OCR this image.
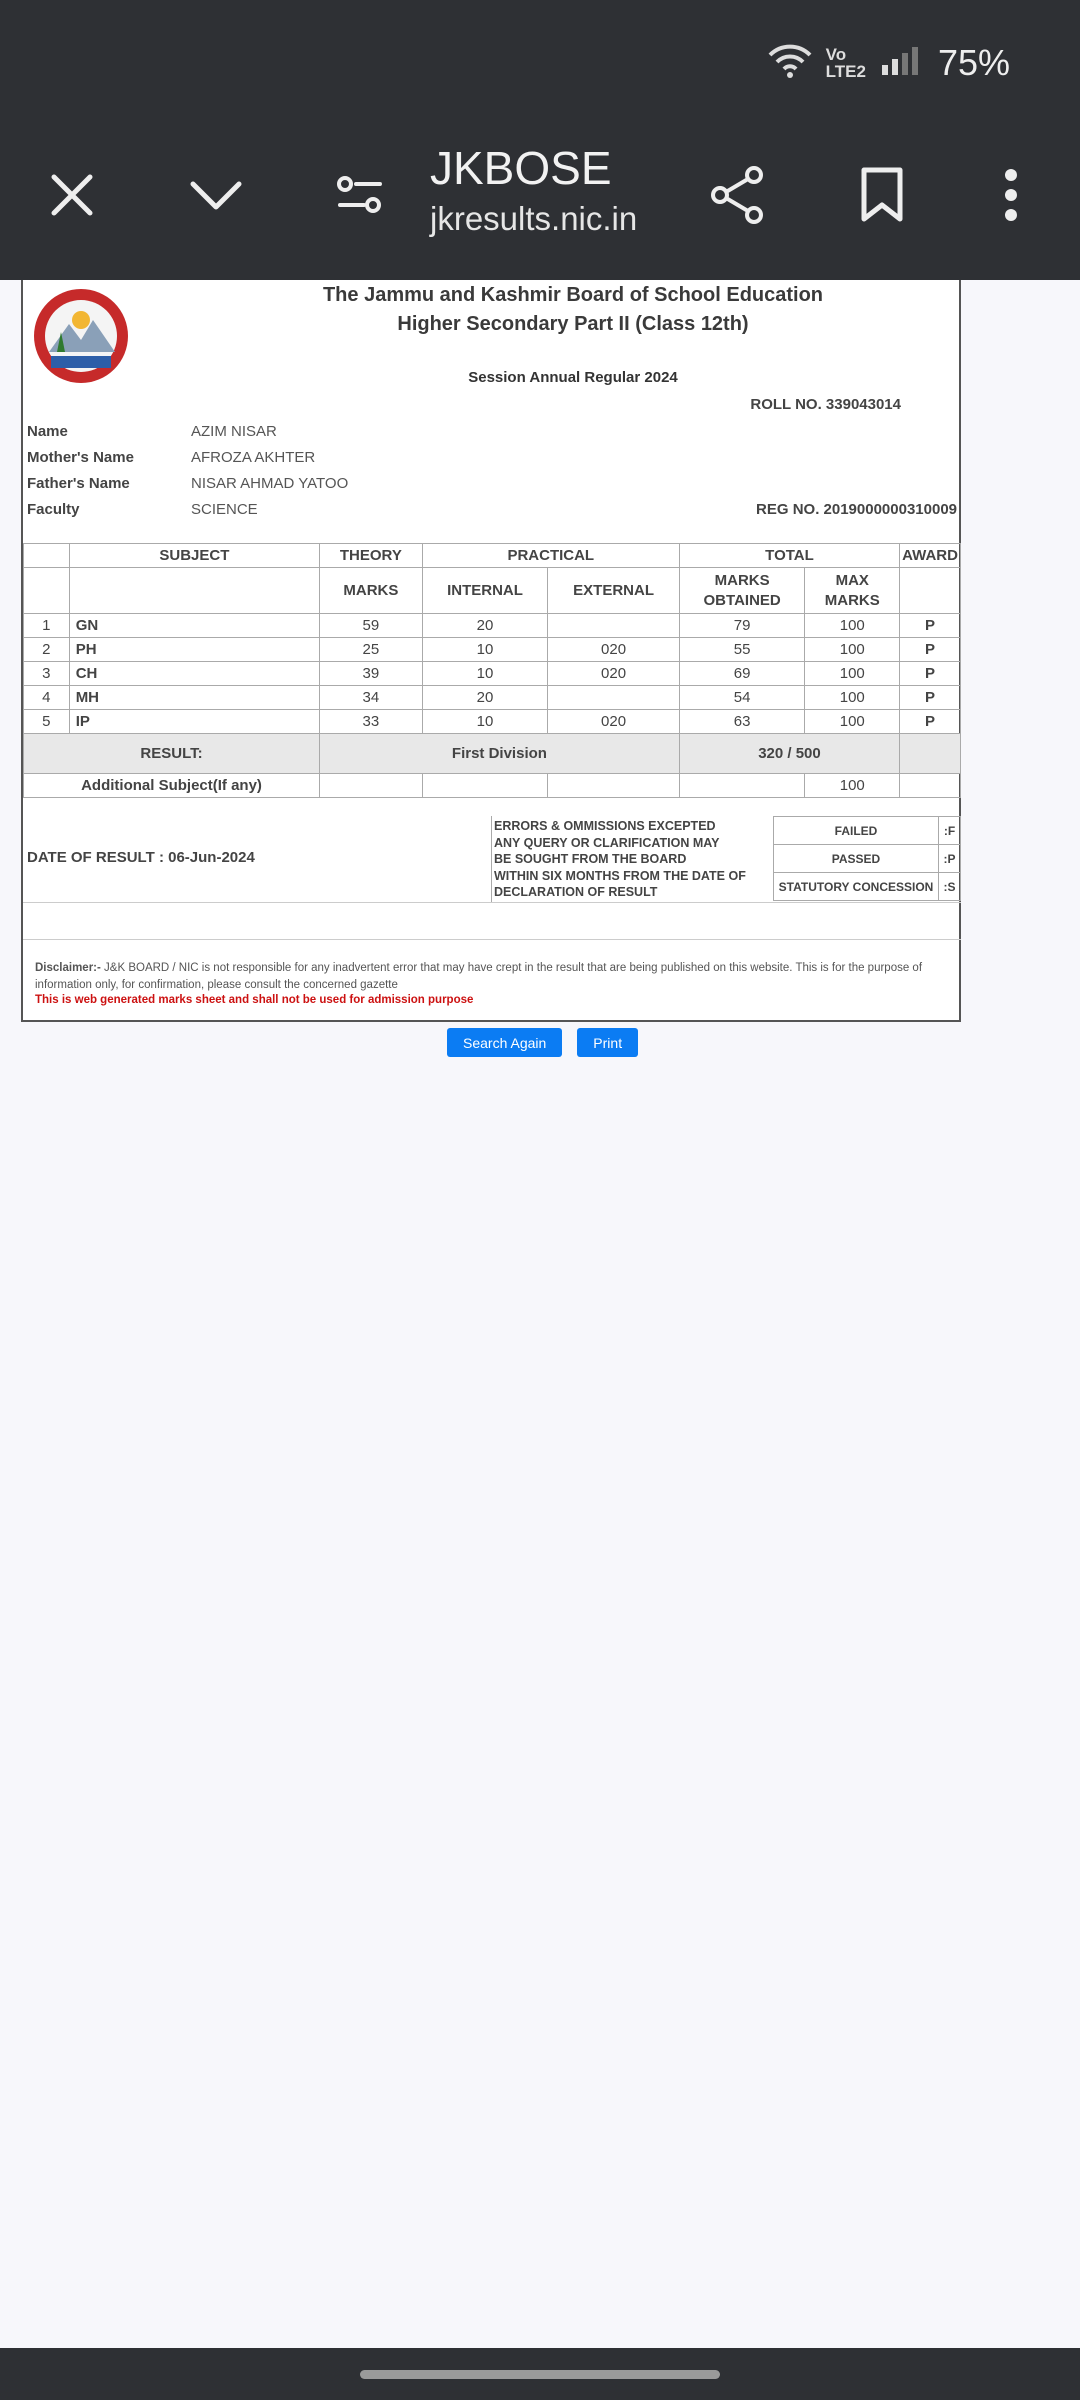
Vo
LTE2 75%
JKBOSE
jkresults.nic.in
The Jammu and Kashmir Board of School Education
Higher Secondary Part II (Class 12th)
Session Annual Regular 2024
ROLL NO. 339043014
Name	AZIM NISAR
Mother's Name	AFROZA AKHTER
Father's Name	NISAR AHMAD YATOO
Faculty	SCIENCE	REG NO. 2019000000310009
	SUBJECT	THEORY	PRACTICAL		TOTAL		AWARD
		MARKS	INTERNAL	EXTERNAL	MARKS OBTAINED	MAX MARKS	
1	GN	59	20		79	100	P
2	PH	25	10	020	55	100	P
3	CH	39	10	020	69	100	P
4	MH	34	20		54	100	P
5	IP	33	10	020	63	100	P
RESULT:		First Division			320 / 500		
Additional Subject(If any)						100	
DATE OF RESULT : 06-Jun-2024
ERRORS & OMMISSIONS EXCEPTED
ANY QUERY OR CLARIFICATION MAY
BE SOUGHT FROM THE BOARD
WITHIN SIX MONTHS FROM THE DATE OF
DECLARATION OF RESULT
FAILED	:F
PASSED	:P
STATUTORY CONCESSION	:S
Disclaimer:- J&K BOARD / NIC is not responsible for any inadvertent error that may have crept in the result that are being published on this website. This is for the purpose of information only, for confirmation, please consult the concerned gazette
This is web generated marks sheet and shall not be used for admission purpose
Search Again	Print
